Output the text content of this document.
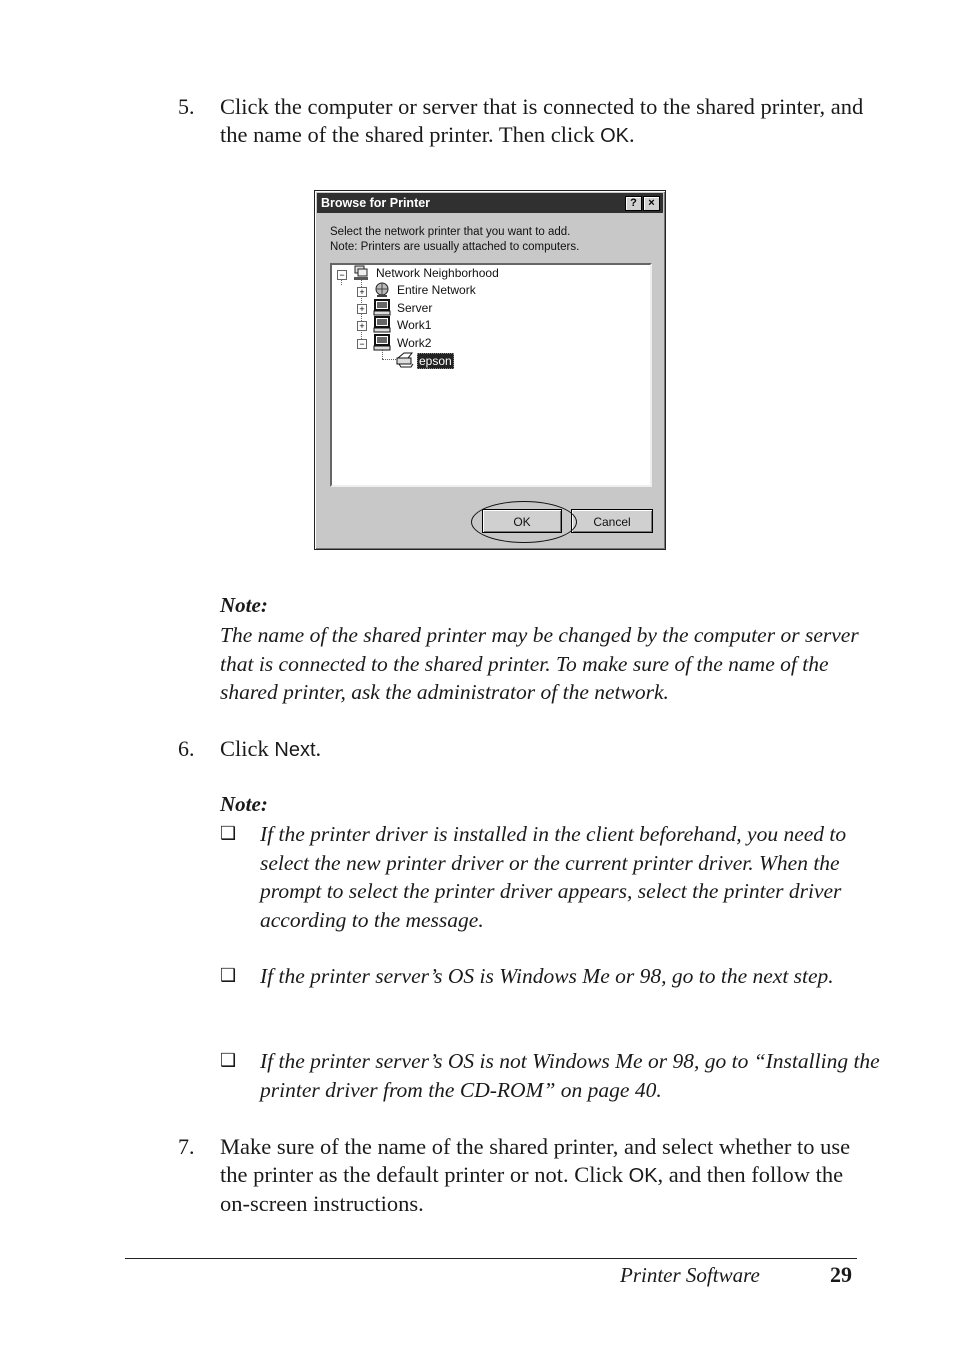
5. Click the computer or server that is connected to the shared printer, and the name of the shared printer. Then click OK.
Browse for Printer	?	×
Select the network printer that you want to add.
Note: Printers are usually attached to computers.
−	Network Neighborhood
+	Entire Network
+	Server
+	Work1
−	Work2
epson
OK	Cancel
Note:
The name of the shared printer may be changed by the computer or server that is connected to the shared printer. To make sure of the name of the shared printer, ask the administrator of the network.
6. Click Next.
Note:
❑ If the printer driver is installed in the client beforehand, you need to select the new printer driver or the current printer driver. When the prompt to select the printer driver appears, select the printer driver according to the message.
❑ If the printer server’s OS is Windows Me or 98, go to the next step.
❑ If the printer server’s OS is not Windows Me or 98, go to “Installing the printer driver from the CD-ROM” on page 40.
7. Make sure of the name of the shared printer, and select whether to use the printer as the default printer or not. Click OK, and then follow the on-screen instructions.
Printer Software	29
